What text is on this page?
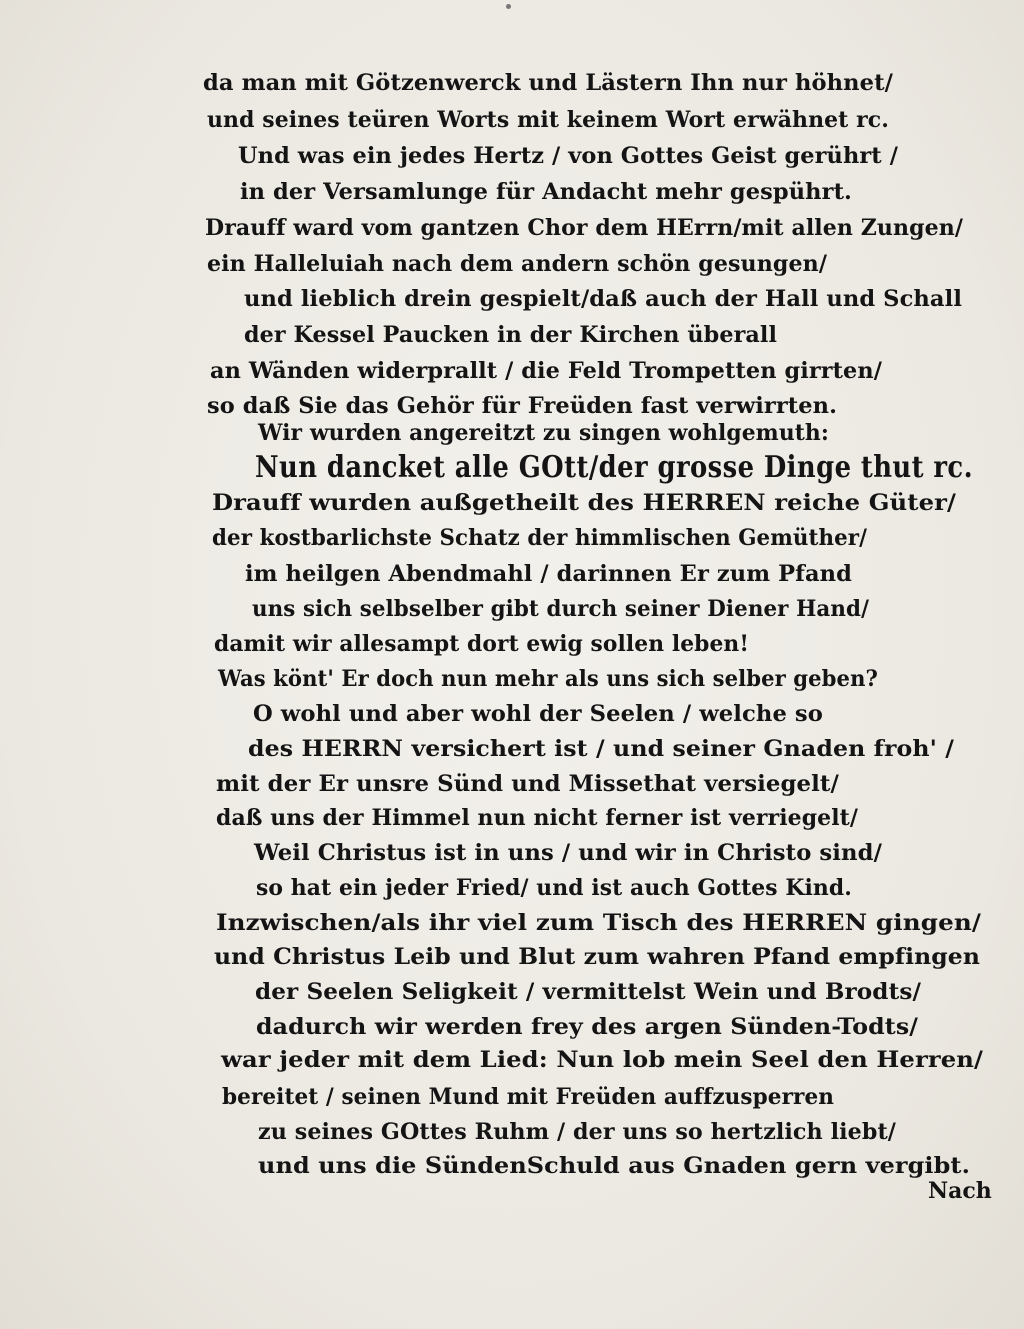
da man mit Götzenwerck und Lästern Ihn nur höhnet/
und seines teüren Worts mit keinem Wort erwähnet rc.
Und was ein jedes Hertz / von Gottes Geist gerührt /
in der Versamlunge für Andacht mehr gespührt.
Drauff ward vom gantzen Chor dem HErrn/mit allen Zungen/
ein Halleluiah nach dem andern schön gesungen/
und lieblich drein gespielt/daß auch der Hall und Schall
der Kessel Paucken in der Kirchen überall
an Wänden widerprallt / die Feld Trompetten girrten/
so daß Sie das Gehör für Freüden fast verwirrten.
Wir wurden angereitzt zu singen wohlgemuth:
Nun dancket alle GOtt/der grosse Dinge thut rc.
Drauff wurden außgetheilt des HERREN reiche Güter/
der kostbarlichste Schatz der himmlischen Gemüther/
im heilgen Abendmahl / darinnen Er zum Pfand
uns sich selbselber gibt durch seiner Diener Hand/
damit wir allesampt dort ewig sollen leben!
Was könt' Er doch nun mehr als uns sich selber geben?
O wohl und aber wohl der Seelen / welche so
des HERRN versichert ist / und seiner Gnaden froh' /
mit der Er unsre Sünd und Missethat versiegelt/
daß uns der Himmel nun nicht ferner ist verriegelt/
Weil Christus ist in uns / und wir in Christo sind/
so hat ein jeder Fried/ und ist auch Gottes Kind.
Inzwischen/als ihr viel zum Tisch des HERREN gingen/
und Christus Leib und Blut zum wahren Pfand empfingen
der Seelen Seligkeit / vermittelst Wein und Brodts/
dadurch wir werden frey des argen Sünden-Todts/
war jeder mit dem Lied: Nun lob mein Seel den Herren/
bereitet / seinen Mund mit Freüden auffzusperren
zu seines GOttes Ruhm / der uns so hertzlich liebt/
und uns die SündenSchuld aus Gnaden gern vergibt.
Nach
